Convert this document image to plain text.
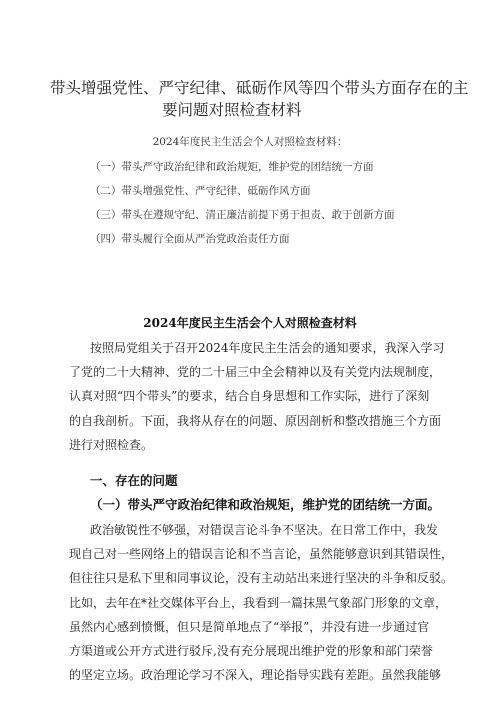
带头增强党性、严守纪律、砥砺作风等四个带头方面存在的主
要问题对照检查材料
2024年度民主生活会个人对照检查材料：
（一）带头严守政治纪律和政治规矩，维护党的团结统一方面
（二）带头增强党性、严守纪律、砥砺作风方面
（三）带头在遵规守纪、清正廉洁前提下勇于担责、敢于创新方面
（四）带头履行全面从严治党政治责任方面
2024年度民主生活会个人对照检查材料
按照局党组关于召开2024年度民主生活会的通知要求，我深入学习
了党的二十大精神、党的二十届三中全会精神以及有关党内法规制度，
认真对照“四个带头”的要求，结合自身思想和工作实际，进行了深刻
的自我剖析。下面，我将从存在的问题、原因剖析和整改措施三个方面
进行对照检查。
一、存在的问题
（一）带头严守政治纪律和政治规矩，维护党的团结统一方面。
政治敏锐性不够强，对错误言论斗争不坚决。在日常工作中，我发
现自己对一些网络上的错误言论和不当言论，虽然能够意识到其错误性，
但往往只是私下里和同事议论，没有主动站出来进行坚决的斗争和反驳。
比如，去年在*社交媒体平台上，我看到一篇抹黑气象部门形象的文章，
虽然内心感到愤慨，但只是简单地点了“举报”，并没有进一步通过官
方渠道或公开方式进行驳斥,没有充分展现出维护党的形象和部门荣誉
的坚定立场。政治理论学习不深入，理论指导实践有差距。虽然我能够
